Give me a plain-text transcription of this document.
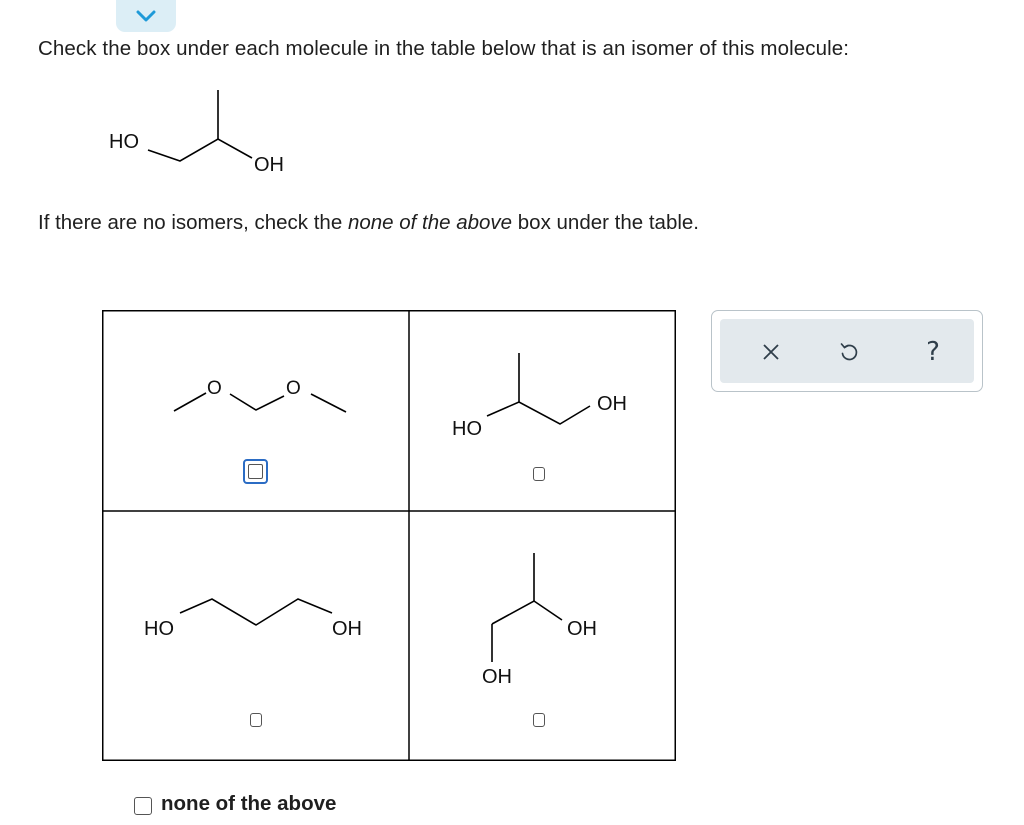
Check the box under each molecule in the table below that is an isomer of this molecule:
HO
OH
If there are no isomers, check the none of the above box under the table.
O	O
HO
OH
HO	OH	OH
OH
none of the above
?
